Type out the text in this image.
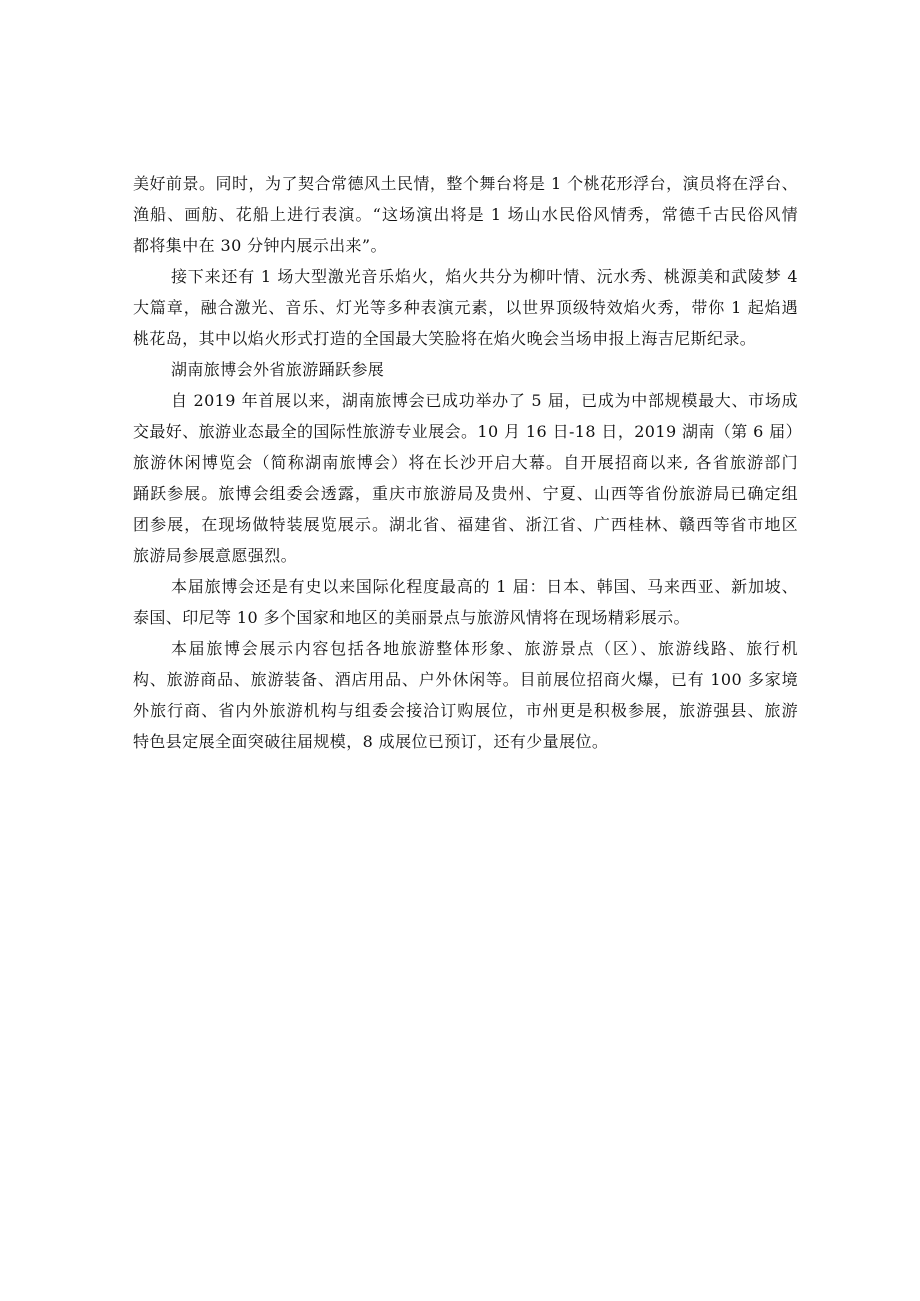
美好前景。同时，为了契合常德风土民情，整个舞台将是 1 个桃花形浮台，演员将在浮台、
渔船、画舫、花船上进行表演。“这场演出将是 1 场山水民俗风情秀，常德千古民俗风情
都将集中在 30 分钟内展示出来”。
接下来还有 1 场大型激光音乐焰火，焰火共分为柳叶情、沅水秀、桃源美和武陵梦 4
大篇章，融合激光、音乐、灯光等多种表演元素，以世界顶级特效焰火秀，带你 1 起焰遇
桃花岛，其中以焰火形式打造的全国最大笑脸将在焰火晚会当场申报上海吉尼斯纪录。
湖南旅博会外省旅游踊跃参展
自 2019 年首展以来，湖南旅博会已成功举办了 5 届，已成为中部规模最大、市场成
交最好、旅游业态最全的国际性旅游专业展会。10 月 16 日-18 日，2019 湖南（第 6 届）
旅游休闲博览会（简称湖南旅博会）将在长沙开启大幕。自开展招商以来, 各省旅游部门
踊跃参展。旅博会组委会透露，重庆市旅游局及贵州、宁夏、山西等省份旅游局已确定组
团参展，在现场做特装展览展示。湖北省、福建省、浙江省、广西桂林、赣西等省市地区
旅游局参展意愿强烈。
本届旅博会还是有史以来国际化程度最高的 1 届：日本、韩国、马来西亚、新加坡、
泰国、印尼等 10 多个国家和地区的美丽景点与旅游风情将在现场精彩展示。
本届旅博会展示内容包括各地旅游整体形象、旅游景点（区）、旅游线路、旅行机
构、旅游商品、旅游装备、酒店用品、户外休闲等。目前展位招商火爆，已有 100 多家境
外旅行商、省内外旅游机构与组委会接洽订购展位，市州更是积极参展，旅游强县、旅游
特色县定展全面突破往届规模，8 成展位已预订，还有少量展位。
